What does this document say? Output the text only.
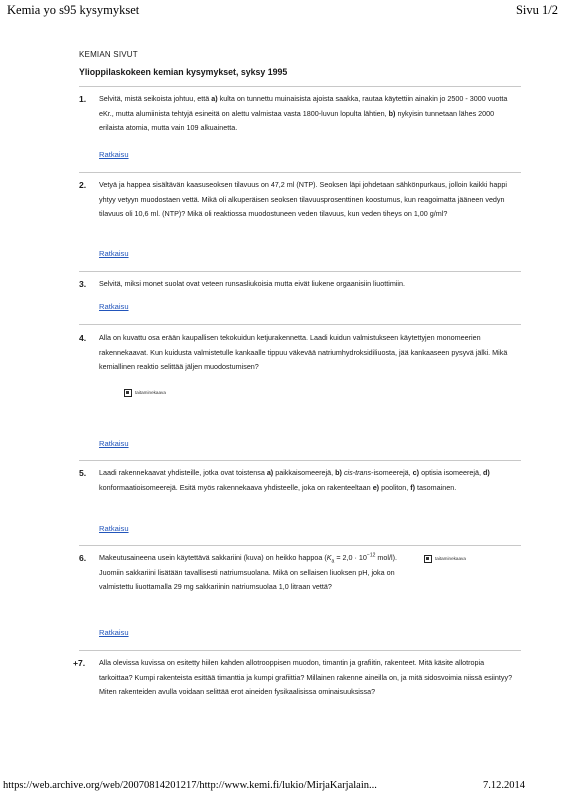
Kemia yo s95 kysymykset	Sivu 1/2
KEMIAN SIVUT
Ylioppilaskokeen kemian kysymykset, syksy 1995
1. Selvitä, mistä seikoista johtuu, että a) kulta on tunnettu muinaisista ajoista saakka, rautaa käytettiin ainakin jo 2500 - 3000 vuotta eKr., mutta alumiinista tehtyjä esineitä on alettu valmistaa vasta 1800-luvun lopulta lähtien, b) nykyisin tunnetaan lähes 2000 erilaista atomia, mutta vain 109 alkuainetta.
Ratkaisu
2. Vetyä ja happea sisältävän kaasuseoksen tilavuus on 47,2 ml (NTP). Seoksen läpi johdetaan sähkönpurkaus, jolloin kaikki happi yhtyy vetyyn muodostaen vettä. Mikä oli alkuperäisen seoksen tilavuusprosenttinen koostumus, kun reagoimatta jääneen vedyn tilavuus oli 10,6 ml. (NTP)? Mikä oli reaktiossa muodostuneen veden tilavuus, kun veden tiheys on 1,00 g/ml?
Ratkaisu
3. Selvitä, miksi monet suolat ovat veteen runsasliukoisia mutta eivät liukene orgaanisiin liuottimiin.
Ratkaisu
4. Alla on kuvattu osa erään kaupallisen tekokuidun ketjurakennetta. Laadi kuidun valmistukseen käytettyjen monomeerien rakennekaavat. Kun kuidusta valmistetulle kankaalle tippuu väkevää natriumhydroksidiliuosta, jää kankaaseen pysyvä jälki. Mikä kemiallinen reaktio selittää jäljen muodostumisen?
taitaminekaava
Ratkaisu
5. Laadi rakennekaavat yhdisteille, jotka ovat toistensa a) paikkaisomeerejä, b) cis-trans-isomeerejä, c) optisia isomeerejä, d) konformaatioisomeerejä. Esitä myös rakennekaava yhdisteelle, joka on rakenteeltaan e) pooliton, f) tasomainen.
Ratkaisu
6. Makeutusaineena usein käytettävä sakkariini (kuva) on heikko happoa ($K_a = 2,0 \cdot 10^{-12}$ mol/l). Juomiin sakkariini lisätään tavallisesti natriumsuolana. Mikä on sellaisen liuoksen pH, joka on valmistettu liuottamalla 29 mg sakkariinin natriumsuolaa 1,0 litraan vettä?
taitaminekaava
Ratkaisu
+7. Alla olevissa kuvissa on esitetty hiilen kahden allotrooppisen muodon, timantin ja grafiitin, rakenteet. Mitä käsite allotropia tarkoittaa? Kumpi rakenteista esittää timanttia ja kumpi grafiittia? Millainen rakenne aineilla on, ja mitä sidosvoimia niissä esiintyy? Miten rakenteiden avulla voidaan selittää erot aineiden fysikaalisissa ominaisuuksissa?
https://web.archive.org/web/20070814201217/http://www.kemi.fi/lukio/MirjaKarjalain...	7.12.2014
